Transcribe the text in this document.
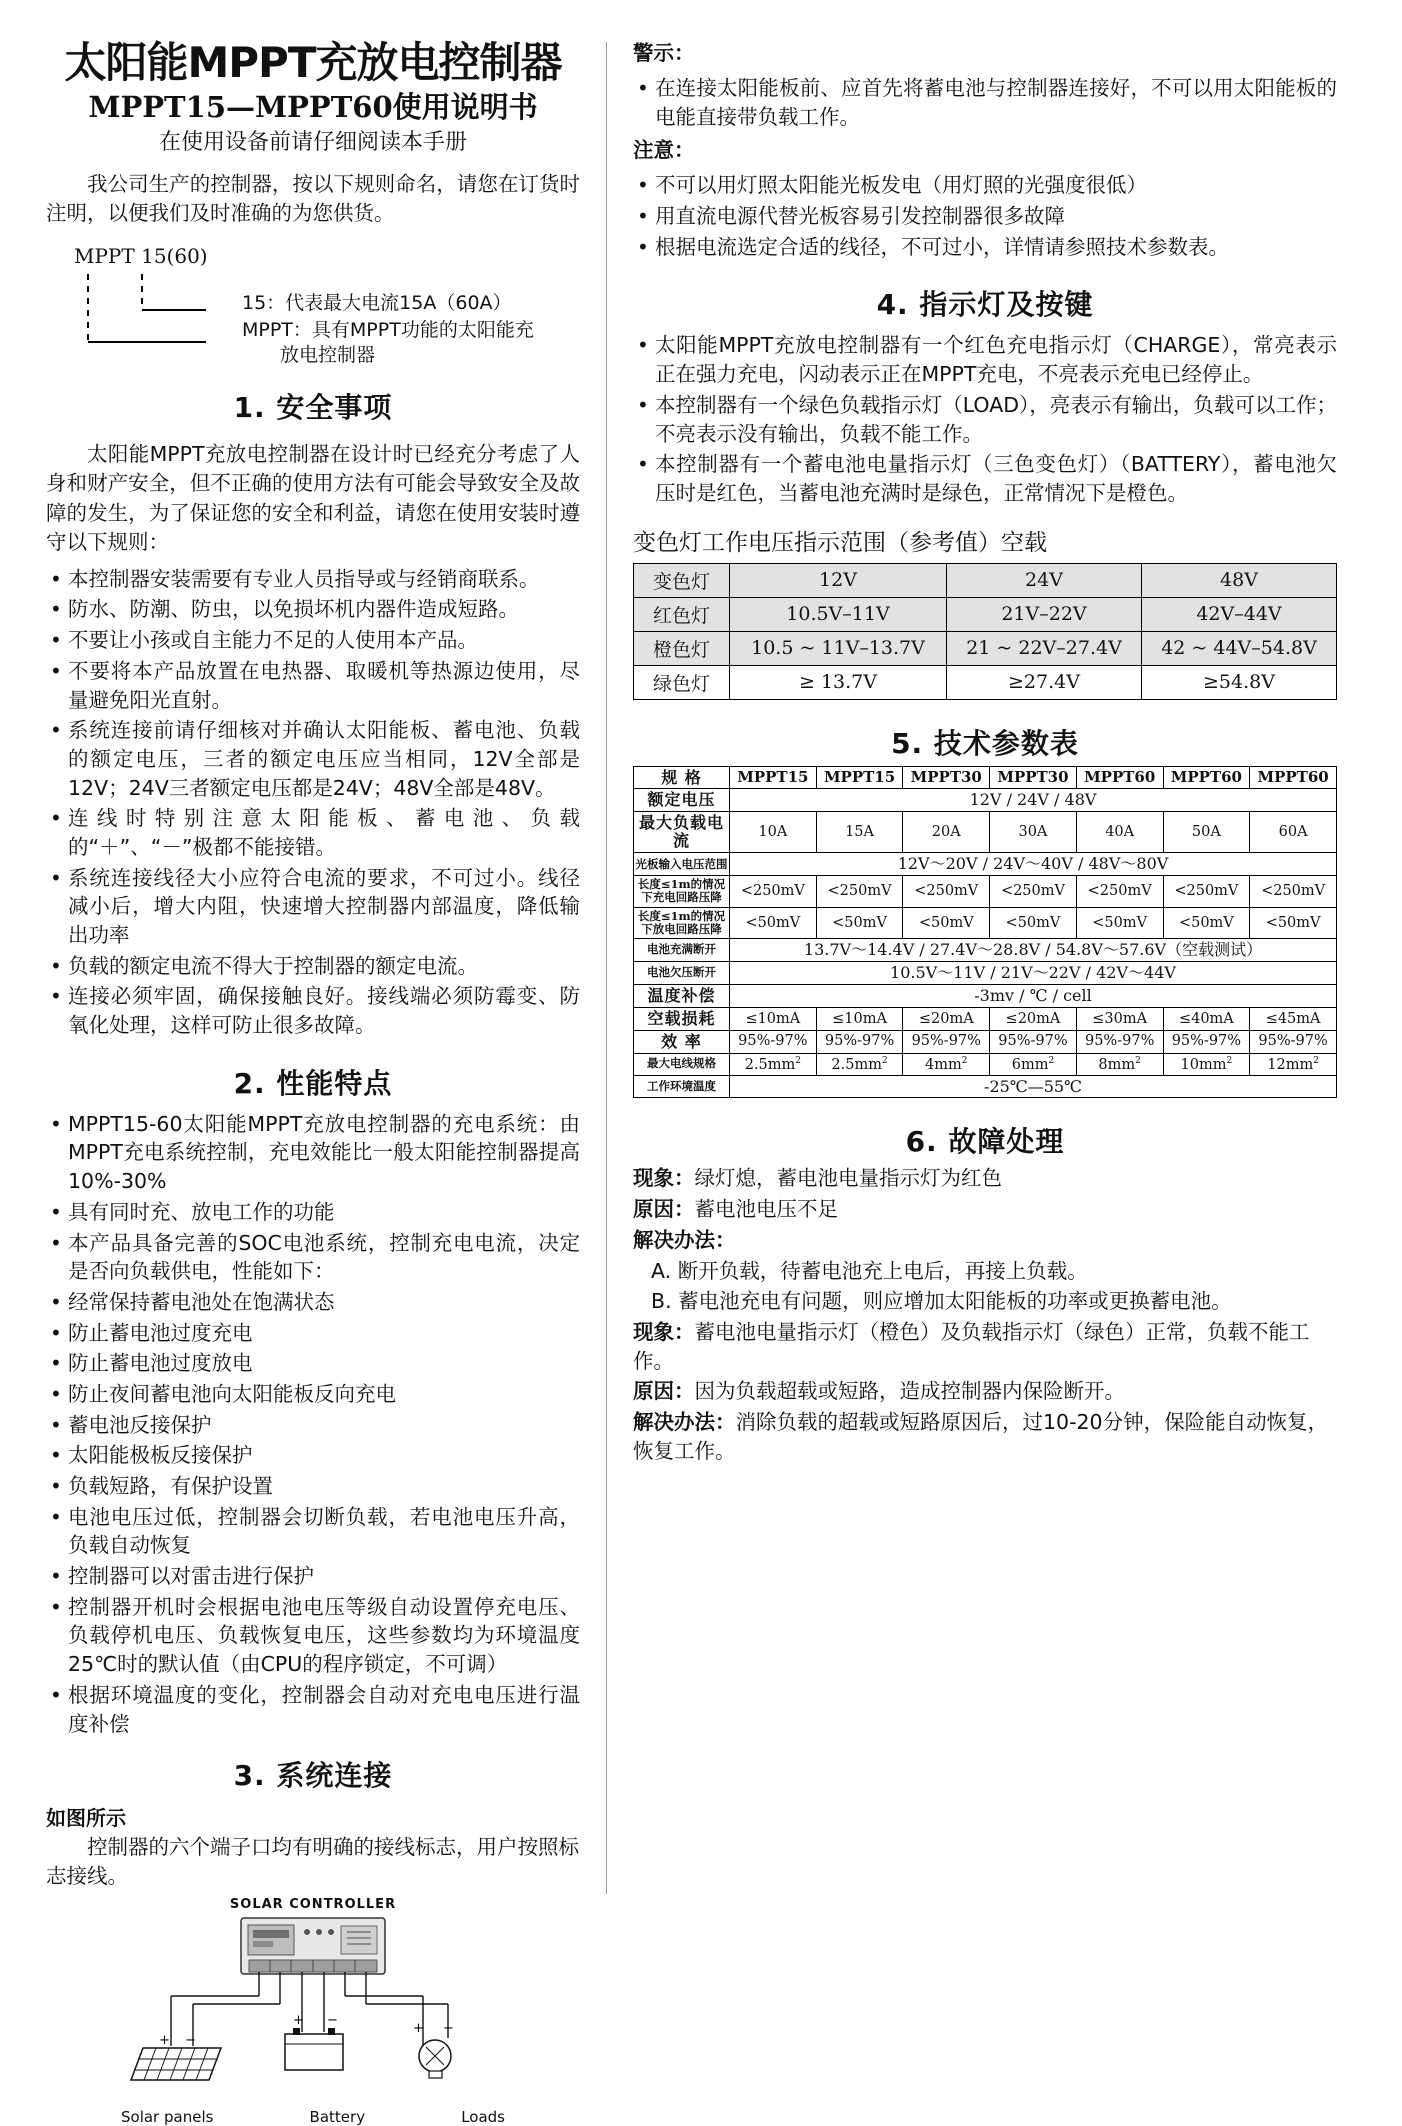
太阳能MPPT充放电控制器
MPPT15—MPPT60使用说明书
在使用设备前请仔细阅读本手册

我公司生产的控制器，按以下规则命名，请您在订货时注明，以便我们及时准确的为您供货。

MPPT 15(60)
15：代表最大电流15A（60A）
MPPT：具有MPPT功能的太阳能充
放电控制器
1. 安全事项

太阳能MPPT充放电控制器在设计时已经充分考虑了人身和财产安全，但不正确的使用方法有可能会导致安全及故障的发生，为了保证您的安全和利益，请您在使用安装时遵守以下规则：

• 本控制器安装需要有专业人员指导或与经销商联系。
• 防水、防潮、防虫，以免损坏机内器件造成短路。
• 不要让小孩或自主能力不足的人使用本产品。
• 不要将本产品放置在电热器、取暖机等热源边使用，尽量避免阳光直射。
• 系统连接前请仔细核对并确认太阳能板、蓄电池、负载的额定电压，三者的额定电压应当相同，12V全部是12V；24V三者额定电压都是24V；48V全部是48V。
• 连线时特别注意太阳能板、蓄电池、负载的“＋”、“－”极都不能接错。
• 系统连接线径大小应符合电流的要求，不可过小。线径减小后，增大内阻，快速增大控制器内部温度，降低输出功率
• 负载的额定电流不得大于控制器的额定电流。
• 连接必须牢固，确保接触良好。接线端必须防霉变、防氧化处理，这样可防止很多故障。
2. 性能特点
• MPPT15-60太阳能MPPT充放电控制器的充电系统：由MPPT充电系统控制，充电效能比一般太阳能控制器提高10%-30%
• 具有同时充、放电工作的功能
• 本产品具备完善的SOC电池系统，控制充电电流，决定是否向负载供电，性能如下：
• 经常保持蓄电池处在饱满状态
• 防止蓄电池过度充电
• 防止蓄电池过度放电
• 防止夜间蓄电池向太阳能板反向充电
• 蓄电池反接保护
• 太阳能极板反接保护
• 负载短路，有保护设置
• 电池电压过低，控制器会切断负载，若电池电压升高，负载自动恢复
• 控制器可以对雷击进行保护
• 控制器开机时会根据电池电压等级自动设置停充电压、负载停机电压、负载恢复电压，这些参数均为环境温度25℃时的默认值（由CPU的程序锁定，不可调）
• 根据环境温度的变化，控制器会自动对充电电压进行温度补偿
3. 系统连接
如图所示
控制器的六个端子口均有明确的接线标志，用户按照标志接线。
SOLAR CONTROLLER
+ −
+ −
+ −
Solar panels	Battery	Loads
警示：
• 在连接太阳能板前、应首先将蓄电池与控制器连接好，不可以用太阳能板的电能直接带负载工作。
注意：
• 不可以用灯照太阳能光板发电（用灯照的光强度很低）
• 用直流电源代替光板容易引发控制器很多故障
• 根据电流选定合适的线径，不可过小，详情请参照技术参数表。
4. 指示灯及按键
• 太阳能MPPT充放电控制器有一个红色充电指示灯（CHARGE），常亮表示正在强力充电，闪动表示正在MPPT充电，不亮表示充电已经停止。
• 本控制器有一个绿色负载指示灯（LOAD），亮表示有输出，负载可以工作；不亮表示没有输出，负载不能工作。
• 本控制器有一个蓄电池电量指示灯（三色变色灯）（BATTERY），蓄电池欠压时是红色，当蓄电池充满时是绿色，正常情况下是橙色。
变色灯工作电压指示范围（参考值）空载
变色灯	12V	24V	48V
红色灯	10.5V–11V	21V–22V	42V–44V
橙色灯	10.5 ~ 11V–13.7V	21 ~ 22V–27.4V	42 ~ 44V–54.8V
绿色灯	≥ 13.7V	≥27.4V	≥54.8V
5. 技术参数表
规 格	MPPT15	MPPT15	MPPT30	MPPT30	MPPT60	MPPT60	MPPT60
额定电压	12V / 24V / 48V						
最大负载电流	10A	15A	20A	30A	40A	50A	60A
光板输入电压范围	12V～20V / 24V～40V / 48V～80V						
长度≤1m的情况下充电回路压降	<250mV	<250mV	<250mV	<250mV	<250mV	<250mV	<250mV
长度≤1m的情况下放电回路压降	<50mV	<50mV	<50mV	<50mV	<50mV	<50mV	<50mV
电池充满断开	13.7V～14.4V / 27.4V～28.8V / 54.8V～57.6V（空载测试）						
电池欠压断开	10.5V～11V / 21V～22V / 42V～44V						
温度补偿	-3mv / ℃ / cell						
空载损耗	≤10mA	≤10mA	≤20mA	≤20mA	≤30mA	≤40mA	≤45mA
效 率	95%-97%	95%-97%	95%-97%	95%-97%	95%-97%	95%-97%	95%-97%
最大电线规格	$2.5mm^2$	$2.5mm^2$	$4mm^2$	$6mm^2$	$8mm^2$	$10mm^2$	$12mm^2$
工作环境温度	-25℃—55℃						
6. 故障处理
现象：绿灯熄，蓄电池电量指示灯为红色
原因：蓄电池电压不足
解决办法：
A. 断开负载，待蓄电池充上电后，再接上负载。
B. 蓄电池充电有问题，则应增加太阳能板的功率或更换蓄电池。
现象：蓄电池电量指示灯（橙色）及负载指示灯（绿色）正常，负载不能工作。
原因：因为负载超载或短路，造成控制器内保险断开。
解决办法：消除负载的超载或短路原因后，过10-20分钟，保险能自动恢复，恢复工作。
